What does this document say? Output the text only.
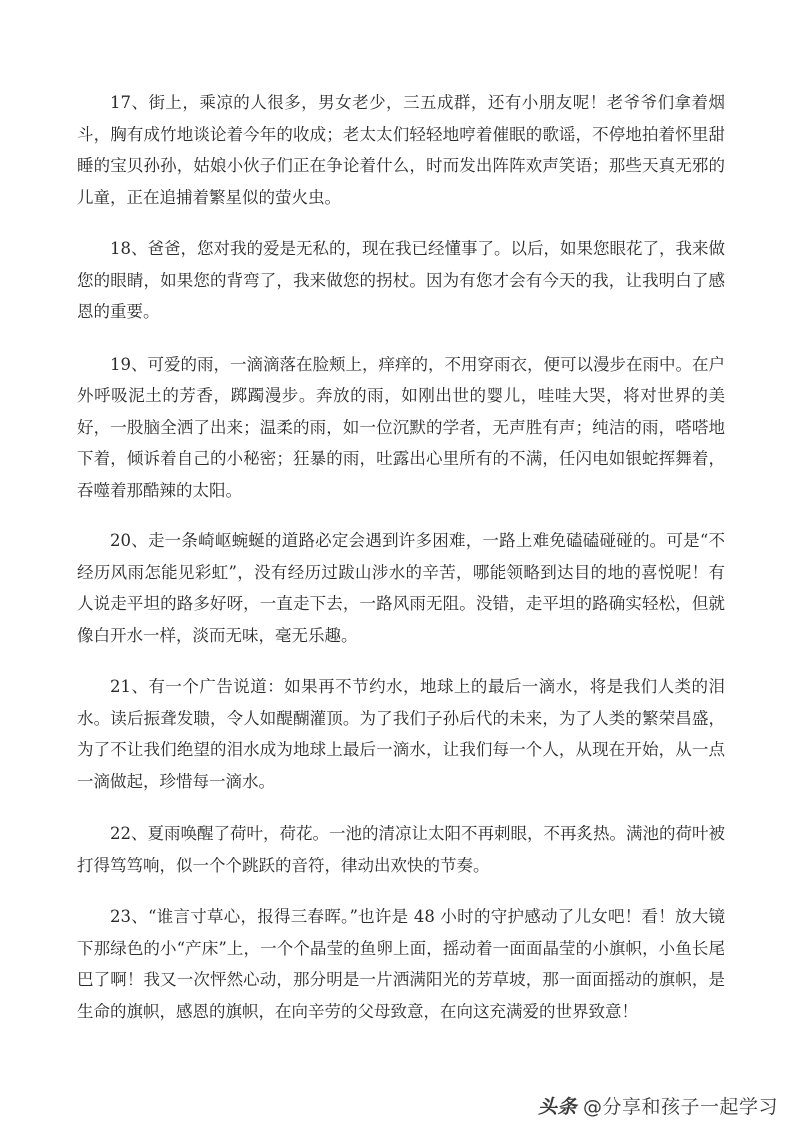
17、街上，乘凉的人很多，男女老少，三五成群，还有小朋友呢！老爷爷们拿着烟斗，胸有成竹地谈论着今年的收成；老太太们轻轻地哼着催眠的歌谣，不停地拍着怀里甜睡的宝贝孙孙，姑娘小伙子们正在争论着什么，时而发出阵阵欢声笑语；那些天真无邪的儿童，正在追捕着繁星似的萤火虫。

18、爸爸，您对我的爱是无私的，现在我已经懂事了。以后，如果您眼花了，我来做您的眼睛，如果您的背弯了，我来做您的拐杖。因为有您才会有今天的我，让我明白了感恩的重要。

19、可爱的雨，一滴滴落在脸颊上，痒痒的，不用穿雨衣，便可以漫步在雨中。在户外呼吸泥土的芳香，踯躅漫步。奔放的雨，如刚出世的婴儿，哇哇大哭，将对世界的美好，一股脑全洒了出来；温柔的雨，如一位沉默的学者，无声胜有声；纯洁的雨，嗒嗒地下着，倾诉着自己的小秘密；狂暴的雨，吐露出心里所有的不满，任闪电如银蛇挥舞着，吞噬着那酷辣的太阳。

20、走一条崎岖蜿蜒的道路必定会遇到许多困难，一路上难免磕磕碰碰的。可是“不经历风雨怎能见彩虹”，没有经历过跋山涉水的辛苦，哪能领略到达目的地的喜悦呢！有人说走平坦的路多好呀，一直走下去，一路风雨无阻。没错，走平坦的路确实轻松，但就像白开水一样，淡而无味，毫无乐趣。

21、有一个广告说道：如果再不节约水，地球上的最后一滴水，将是我们人类的泪水。读后振聋发聩，令人如醍醐灌顶。为了我们子孙后代的未来，为了人类的繁荣昌盛，为了不让我们绝望的泪水成为地球上最后一滴水，让我们每一个人，从现在开始，从一点一滴做起，珍惜每一滴水。

22、夏雨唤醒了荷叶，荷花。一池的清凉让太阳不再刺眼，不再炙热。满池的荷叶被打得笃笃响，似一个个跳跃的音符，律动出欢快的节奏。

23、“谁言寸草心，报得三春晖。”也许是 48 小时的守护感动了儿女吧！看！放大镜下那绿色的小“产床”上，一个个晶莹的鱼卵上面，摇动着一面面晶莹的小旗帜，小鱼长尾巴了啊！我又一次怦然心动，那分明是一片洒满阳光的芳草坡，那一面面摇动的旗帜，是生命的旗帜，感恩的旗帜，在向辛劳的父母致意，在向这充满爱的世界致意！

头条 @分享和孩子一起学习
